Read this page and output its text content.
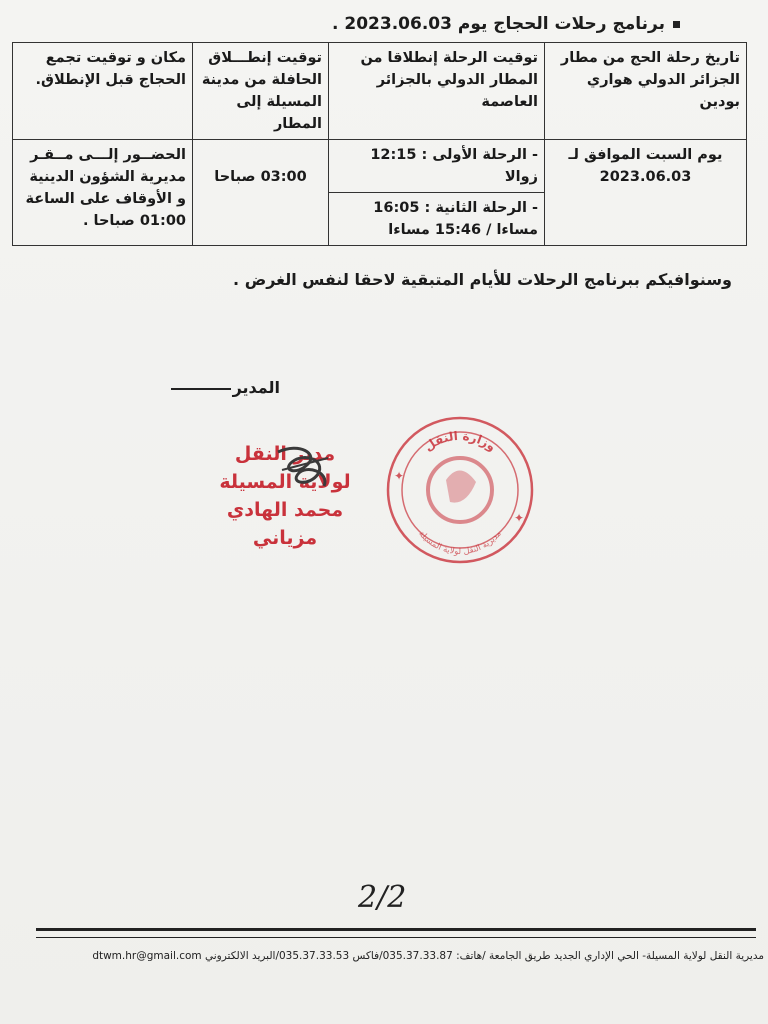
برنامج رحلات الحجاج يوم 2023.06.03 .
تاريخ رحلة الحج من مطار الجزائر الدولي هواري بودين	توقيت الرحلة إنطلاقا من المطار الدولي بالجزائر العاصمة	توقيت إنطـــلاق الحافلة من مدينة المسيلة إلى المطار	مكان و توقيت تجمع الحجاج قبل الإنطلاق.
يوم السبت الموافق لـ 2023.06.03	- الرحلة الأولى : 12:15 زوالا	03:00 صباحا	الحضــور إلـــى مــقـر مديرية الشؤون الدينية و الأوقاف على الساعة 01:00 صباحا .
	- الرحلة الثانية : 16:05 مساءا / 15:46 مساءا		
وسنوافيكم ببرنامج الرحلات للأيام المتبقية لاحقا لنفس الغرض .
المدير
مدير النقل
لولاية المسيلة
محمد الهادي مزياني
وزارة النقل
مديرية النقل لولاية المسيلة
✦
✦
2/2
مديرية النقل لولاية المسيلة- الحي الإداري الجديد طريق الجامعة /هاتف: 035.37.33.87/فاكس 035.37.33.53/البريد الالكتروني dtwm.hr@gmail.com
